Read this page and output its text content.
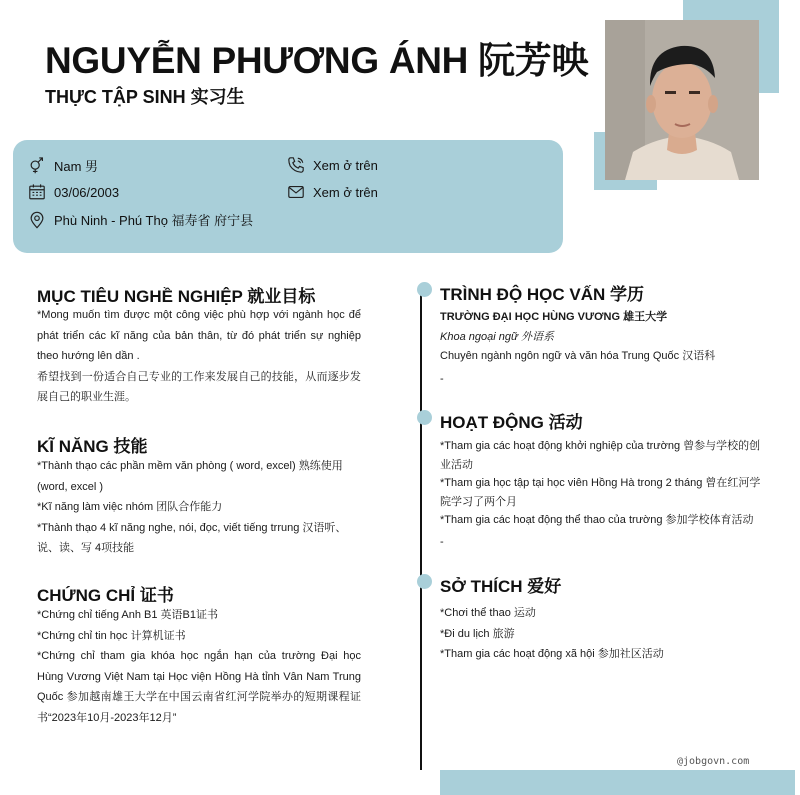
NGUYỄN PHƯƠNG ÁNH 阮芳映
THỰC TẬP SINH 实习生
Nam 男
03/06/2003
Phù Ninh - Phú Thọ 福寿省 府宁县
Xem ở trên
Xem ở trên
MỤC TIÊU NGHỀ NGHIỆP 就业目标

*Mong muốn tìm được một công việc phù hợp với ngành học để phát triển các kĩ năng của bản thân, từ đó phát triển sự nghiệp theo hướng lên dần .

希望找到一份适合自己专业的工作来发展自己的技能，从而逐步发展自己的职业生涯。

KĨ NĂNG 技能

*Thành thạo các phần mềm văn phòng ( word, excel) 熟练使用 (word, excel )

*Kĩ năng làm việc nhóm 团队合作能力

*Thành thạo 4 kĩ năng nghe, nói, đọc, viết tiếng trrung 汉语听、说、读、写 4项技能

CHỨNG CHỈ 证书

*Chứng chỉ tiếng Anh B1 英语B1证书

*Chứng chỉ tin học 计算机证书

*Chứng chỉ tham gia khóa học ngắn hạn của trường Đại học Hùng Vương Việt Nam tại Học viện Hồng Hà tỉnh Vân Nam Trung Quốc 参加越南雄王大学在中国云南省红河学院举办的短期课程证书“2023年10月-2023年12月”

TRÌNH ĐỘ HỌC VẤN 学历

TRƯỜNG ĐẠI HỌC HÙNG VƯƠNG 雄王大学

Khoa ngoại ngữ 外语系

Chuyên ngành ngôn ngữ và văn hóa Trung Quốc 汉语科

-

HOẠT ĐỘNG 活动

*Tham gia các hoạt động khởi nghiệp của trường 曾参与学校的创业活动

*Tham gia học tập tại học viên Hồng Hà trong 2 tháng 曾在红河学院学习了两个月

*Tham gia các hoạt động thể thao của trường 参加学校体育活动

-

SỞ THÍCH 爱好

*Chơi thể thao 运动

*Đi du lịch 旅游

*Tham gia các hoạt động xã hội 参加社区活动

@jobgovn.com
